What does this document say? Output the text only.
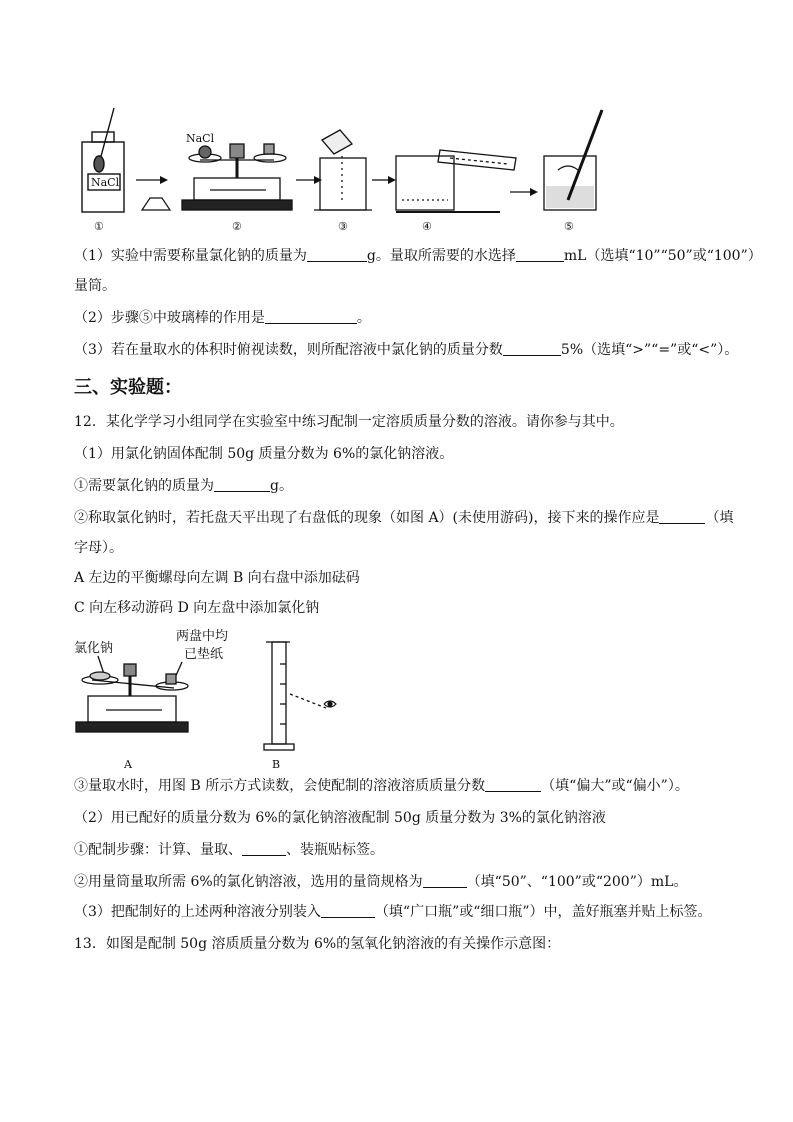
NaCl
NaCl
①	②	③	④	⑤
（1）实验中需要称量氯化钠的质量为	g。量取所需要的水选择	mL（选填“10”“50”或“100”）
量筒。
（2）步骤⑤中玻璃棒的作用是	。
（3）若在量取水的体积时俯视读数，则所配溶液中氯化钠的质量分数	5%（选填“>”“=”或“<”）。
三、实验题：
12．某化学学习小组同学在实验室中练习配制一定溶质质量分数的溶液。请你参与其中。
（1）用氯化钠固体配制 50g 质量分数为 6%的氯化钠溶液。
①需要氯化钠的质量为	g。
②称取氯化钠时，若托盘天平出现了右盘低的现象（如图 A）(未使用游码)，接下来的操作应是	（填
字母）。
A 左边的平衡螺母向左调 B 向右盘中添加砝码
C 向左移动游码 D 向左盘中添加氯化钠
氯化钠
两盘中均
已垫纸
A	B
③量取水时，用图 B 所示方式读数，会使配制的溶液溶质质量分数	（填“偏大”或“偏小”）。
（2）用已配好的质量分数为 6%的氯化钠溶液配制 50g 质量分数为 3%的氯化钠溶液
①配制步骤：计算、量取、	、装瓶贴标签。
②用量筒量取所需 6%的氯化钠溶液，选用的量筒规格为	（填“50”、“100”或“200”）mL。
（3）把配制好的上述两种溶液分别装入	（填“广口瓶”或“细口瓶”）中，盖好瓶塞并贴上标签。
13．如图是配制 50g 溶质质量分数为 6%的氢氧化钠溶液的有关操作示意图：
